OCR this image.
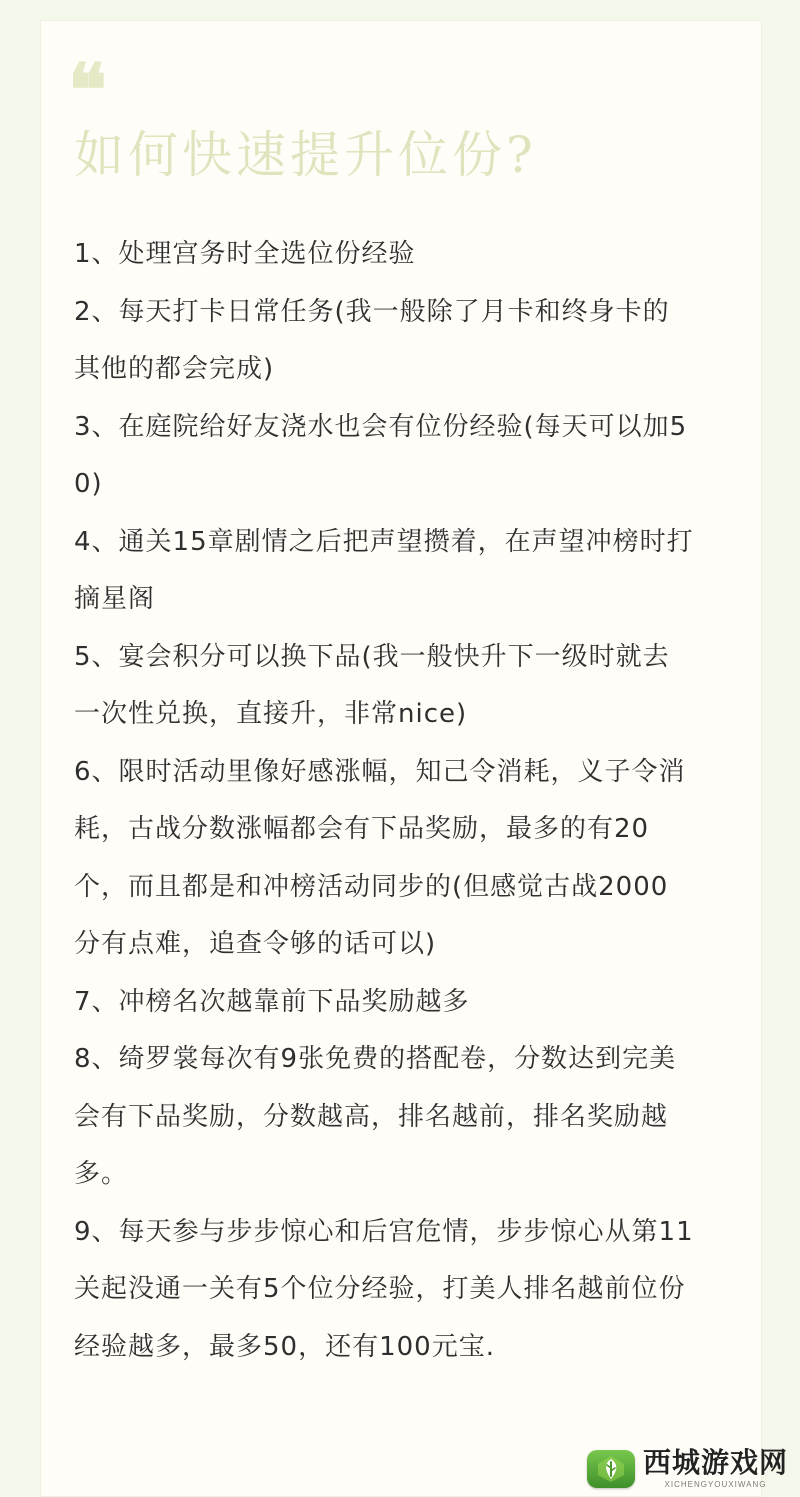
❝
如何快速提升位份?
1、处理宫务时全选位份经验
2、每天打卡日常任务(我一般除了月卡和终身卡的其他的都会完成)
3、在庭院给好友浇水也会有位份经验(每天可以加50)
4、通关15章剧情之后把声望攒着，在声望冲榜时打摘星阁
5、宴会积分可以换下品(我一般快升下一级时就去一次性兑换，直接升，非常nice)
6、限时活动里像好感涨幅，知己令消耗，义子令消耗，古战分数涨幅都会有下品奖励，最多的有20个，而且都是和冲榜活动同步的(但感觉古战2000分有点难，追查令够的话可以)
7、冲榜名次越靠前下品奖励越多
8、绮罗裳每次有9张免费的搭配卷，分数达到完美会有下品奖励，分数越高，排名越前，排名奖励越多。
9、每天参与步步惊心和后宫危情，步步惊心从第11关起没通一关有5个位分经验，打美人排名越前位份经验越多，最多50，还有100元宝.
西城游戏网
XICHENGYOUXIWANG
